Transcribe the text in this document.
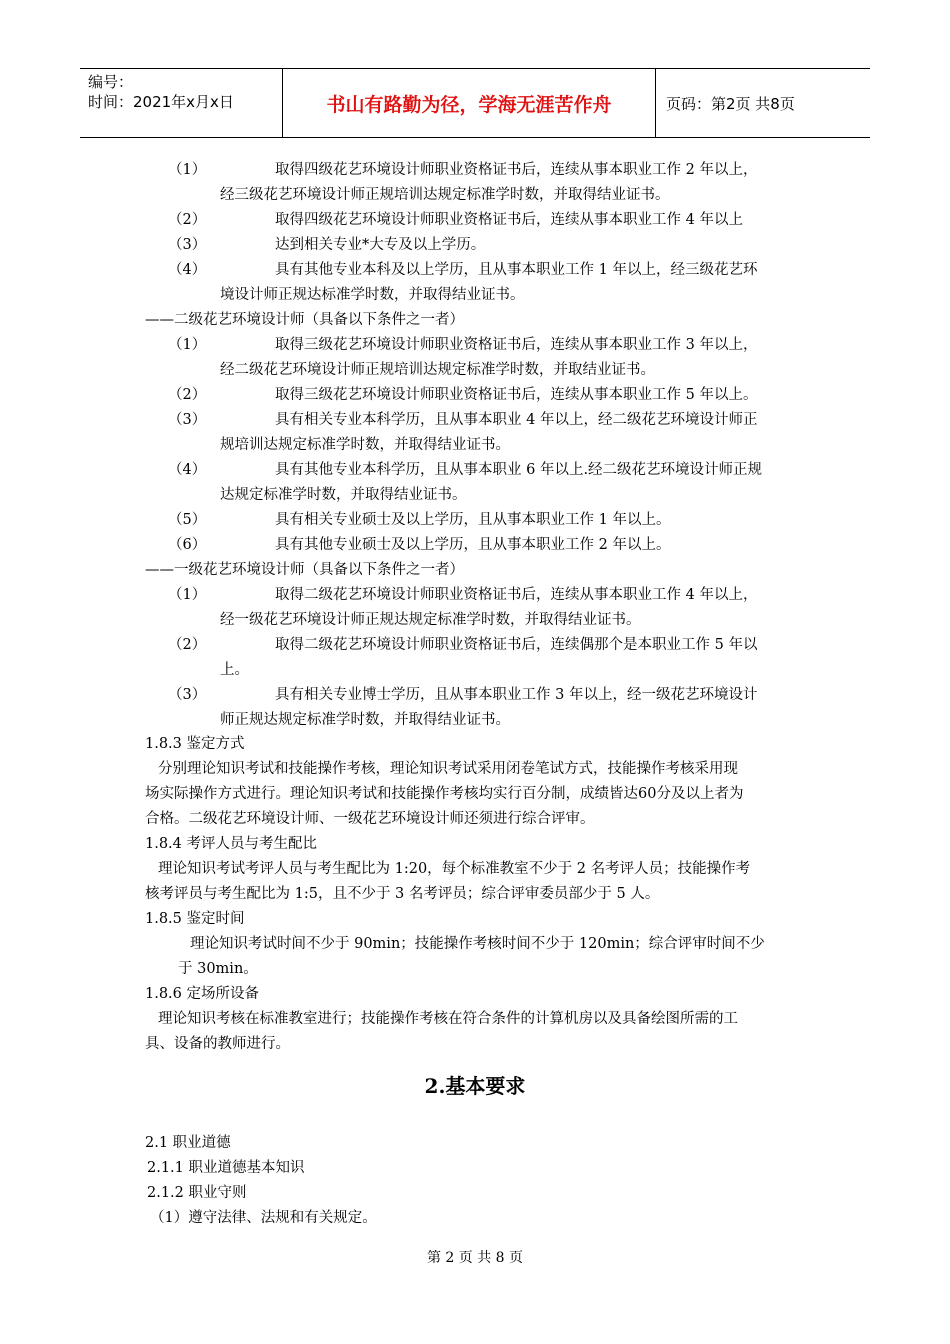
编号：
时间：2021年x月x日	书山有路勤为径，学海无涯苦作舟	页码：第2页 共8页
（1）	取得四级花艺环境设计师职业资格证书后，连续从事本职业工作 2 年以上，
经三级花艺环境设计师正规培训达规定标准学时数，并取得结业证书。
（2）	取得四级花艺环境设计师职业资格证书后，连续从事本职业工作 4 年以上
（3）	达到相关专业*大专及以上学历。
（4）	具有其他专业本科及以上学历，且从事本职业工作 1 年以上，经三级花艺环
境设计师正规达标准学时数，并取得结业证书。
——二级花艺环境设计师（具备以下条件之一者）
（1）	取得三级花艺环境设计师职业资格证书后，连续从事本职业工作 3 年以上，
经二级花艺环境设计师正规培训达规定标准学时数，并取结业证书。
（2）	取得三级花艺环境设计师职业资格证书后，连续从事本职业工作 5 年以上。
（3）	具有相关专业本科学历，且从事本职业 4 年以上，经二级花艺环境设计师正
规培训达规定标准学时数，并取得结业证书。
（4）	具有其他专业本科学历，且从事本职业 6 年以上.经二级花艺环境设计师正规
达规定标准学时数，并取得结业证书。
（5）	具有相关专业硕士及以上学历，且从事本职业工作 1 年以上。
（6）	具有其他专业硕士及以上学历，且从事本职业工作 2 年以上。
——一级花艺环境设计师（具备以下条件之一者）
（1）	取得二级花艺环境设计师职业资格证书后，连续从事本职业工作 4 年以上，
经一级花艺环境设计师正规达规定标准学时数，并取得结业证书。
（2）	取得二级花艺环境设计师职业资格证书后，连续偶那个是本职业工作 5 年以
上。
（3）	具有相关专业博士学历，且从事本职业工作 3 年以上，经一级花艺环境设计
师正规达规定标准学时数，并取得结业证书。
1.8.3 鉴定方式
分别理论知识考试和技能操作考核，理论知识考试采用闭卷笔试方式，技能操作考核采用现
场实际操作方式进行。理论知识考试和技能操作考核均实行百分制，成绩皆达60分及以上者为
合格。二级花艺环境设计师、一级花艺环境设计师还须进行综合评审。
1.8.4 考评人员与考生配比
理论知识考试考评人员与考生配比为 1:20，每个标准教室不少于 2 名考评人员；技能操作考
核考评员与考生配比为 1:5，且不少于 3 名考评员；综合评审委员部少于 5 人。
1.8.5 鉴定时间
理论知识考试时间不少于 90min；技能操作考核时间不少于 120min；综合评审时间不少
于 30min。
1.8.6 定场所设备
理论知识考核在标准教室进行；技能操作考核在符合条件的计算机房以及具备绘图所需的工
具、设备的教师进行。
2.基本要求
2.1 职业道德
2.1.1 职业道德基本知识
2.1.2 职业守则
（1）遵守法律、法规和有关规定。
第 2 页 共 8 页
